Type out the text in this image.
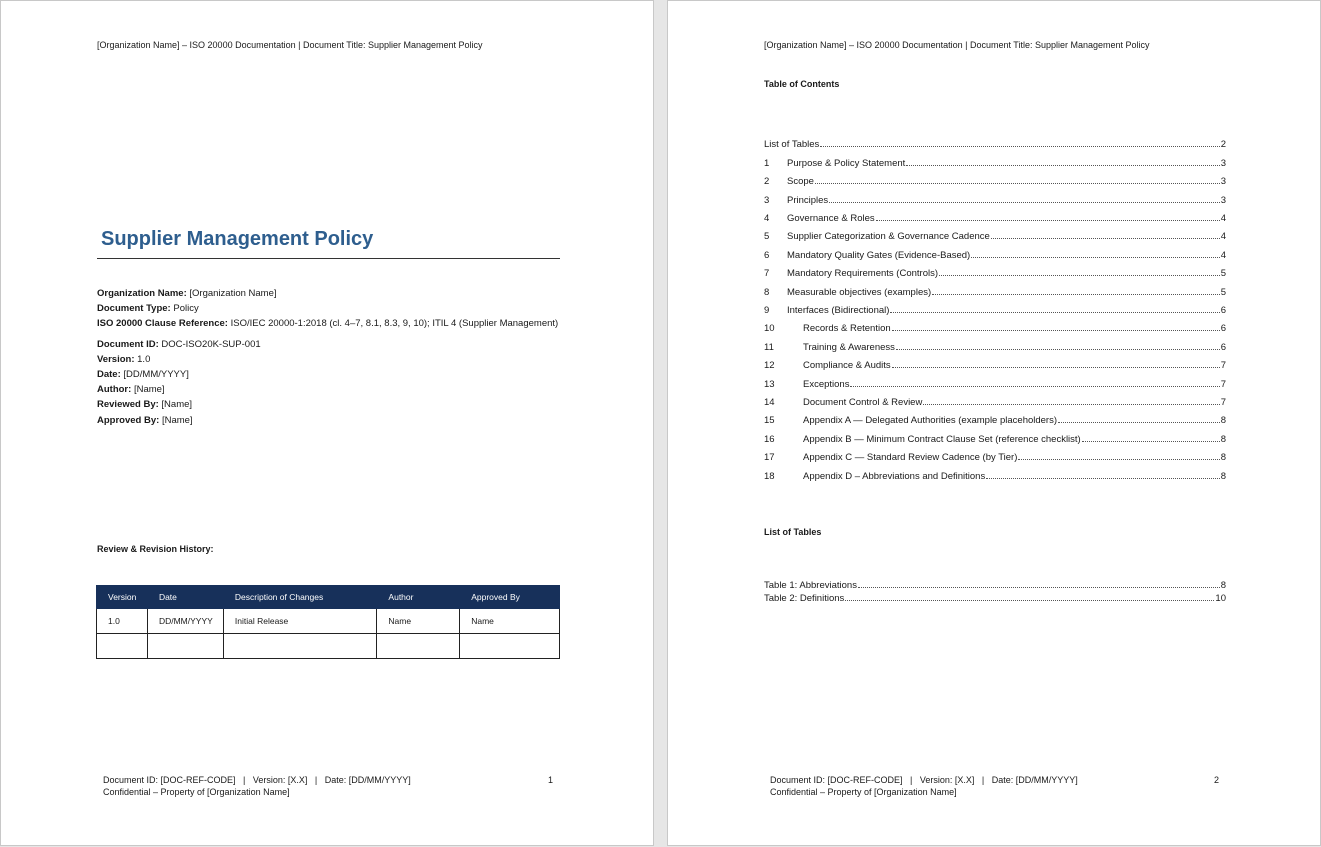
[Organization Name] – ISO 20000 Documentation | Document Title: Supplier Management Policy
Supplier Management Policy
Organization Name: [Organization Name]
Document Type: Policy
ISO 20000 Clause Reference: ISO/IEC 20000-1:2018 (cl. 4–7, 8.1, 8.3, 9, 10); ITIL 4 (Supplier Management)
Document ID: DOC-ISO20K-SUP-001
Version: 1.0
Date: [DD/MM/YYYY]
Author: [Name]
Reviewed By: [Name]
Approved By: [Name]
Review & Revision History:
Version	Date	Description of Changes	Author	Approved By
1.0	DD/MM/YYYY	Initial Release	Name	Name

Document ID: [DOC-REF-CODE]   |   Version: [X.X]   |   Date: [DD/MM/YYYY]
Confidential – Property of [Organization Name]
1
[Organization Name] – ISO 20000 Documentation | Document Title: Supplier Management Policy
Table of Contents
List of Tables	2
1	Purpose & Policy Statement	3
2	Scope	3
3	Principles	3
4	Governance & Roles	4
5	Supplier Categorization & Governance Cadence	4
6	Mandatory Quality Gates (Evidence-Based)	4
7	Mandatory Requirements (Controls)	5
8	Measurable objectives (examples)	5
9	Interfaces (Bidirectional)	6
10	Records & Retention	6
11	Training & Awareness	6
12	Compliance & Audits	7
13	Exceptions	7
14	Document Control & Review	7
15	Appendix A — Delegated Authorities (example placeholders)	8
16	Appendix B — Minimum Contract Clause Set (reference checklist)	8
17	Appendix C — Standard Review Cadence (by Tier)	8
18	Appendix D – Abbreviations and Definitions	8
List of Tables
Table 1: Abbreviations	8
Table 2: Definitions	10
Document ID: [DOC-REF-CODE]   |   Version: [X.X]   |   Date: [DD/MM/YYYY]
Confidential – Property of [Organization Name]
2
